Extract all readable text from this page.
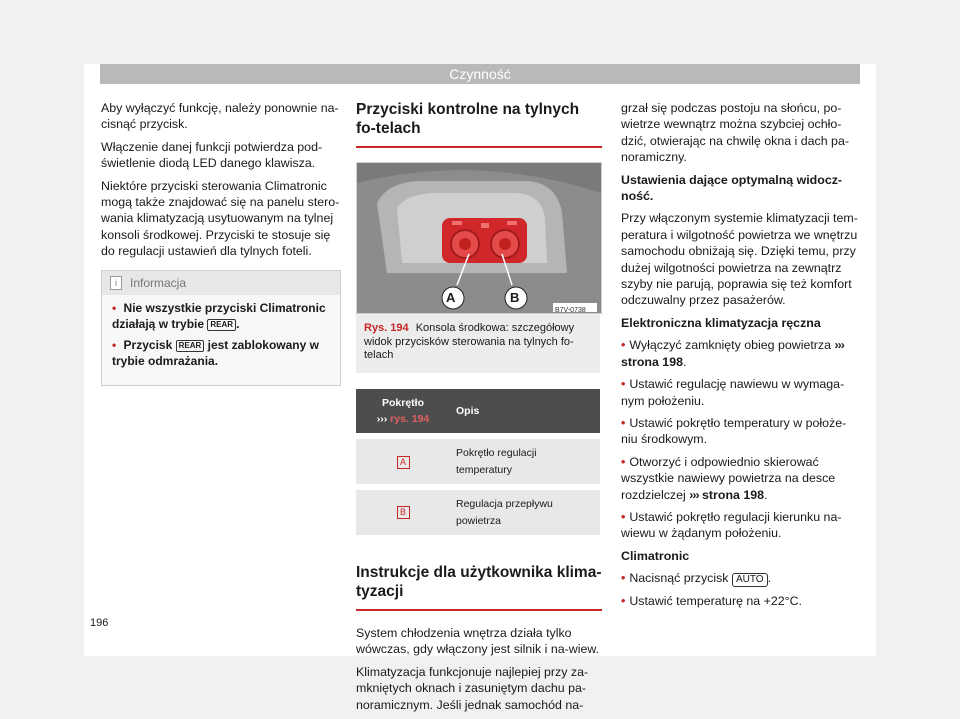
Czynność

Aby wyłączyć funkcję, należy ponownie na-cisnąć przycisk.

Włączenie danej funkcji potwierdza pod-świetlenie diodą LED danego klawisza.

Niektóre przyciski sterowania Climatronic mogą także znajdować się na panelu stero-wania klimatyzacją usytuowanym na tylnej konsoli środkowej. Przyciski te stosuje się do regulacji ustawień dla tylnych foteli.

i	Informacja
• Nie wszystkie przyciski Climatronic działają w trybie REAR .
• Przycisk REAR jest zablokowany w trybie odmrażania.
Przyciski kontrolne na tylnych fo-telach
A	B
B7V-0738
Rys. 194 Konsola środkowa: szczegółowy widok przycisków sterowania na tylnych fo-telach
Pokrętło
››› rys. 194	Opis
A	Pokrętło regulacji temperatury
B	Regulacja przepływu powietrza
Instrukcje dla użytkownika klima-tyzacji

System chłodzenia wnętrza działa tylko wówczas, gdy włączony jest silnik i na-wiew.

Klimatyzacja funkcjonuje najlepiej przy za-mkniętych oknach i zasuniętym dachu pa-noramicznym. Jeśli jednak samochód na-

grzał się podczas postoju na słońcu, po-wietrze wewnątrz można szybciej ochło-dzić, otwierając na chwilę okna i dach pa-noramiczny.

Ustawienia dające optymalną widocz-ność.

Przy włączonym systemie klimatyzacji tem-peratura i wilgotność powietrza we wnętrzu samochodu obniżają się. Dzięki temu, przy dużej wilgotności powietrza na zewnątrz szyby nie parują, poprawia się też komfort odczuwalny przez pasażerów.

Elektroniczna klimatyzacja ręczna

• Wyłączyć zamknięty obieg powietrza ››› strona 198.

• Ustawić regulację nawiewu w wymaga-nym położeniu.

• Ustawić pokrętło temperatury w położe-niu środkowym.

• Otworzyć i odpowiednio skierować wszystkie nawiewy powietrza na desce rozdzielczej ››› strona 198.

• Ustawić pokrętło regulacji kierunku na-wiewu w żądanym położeniu.

Climatronic

• Nacisnąć przycisk AUTO .

• Ustawić temperaturę na +22°C.

196
